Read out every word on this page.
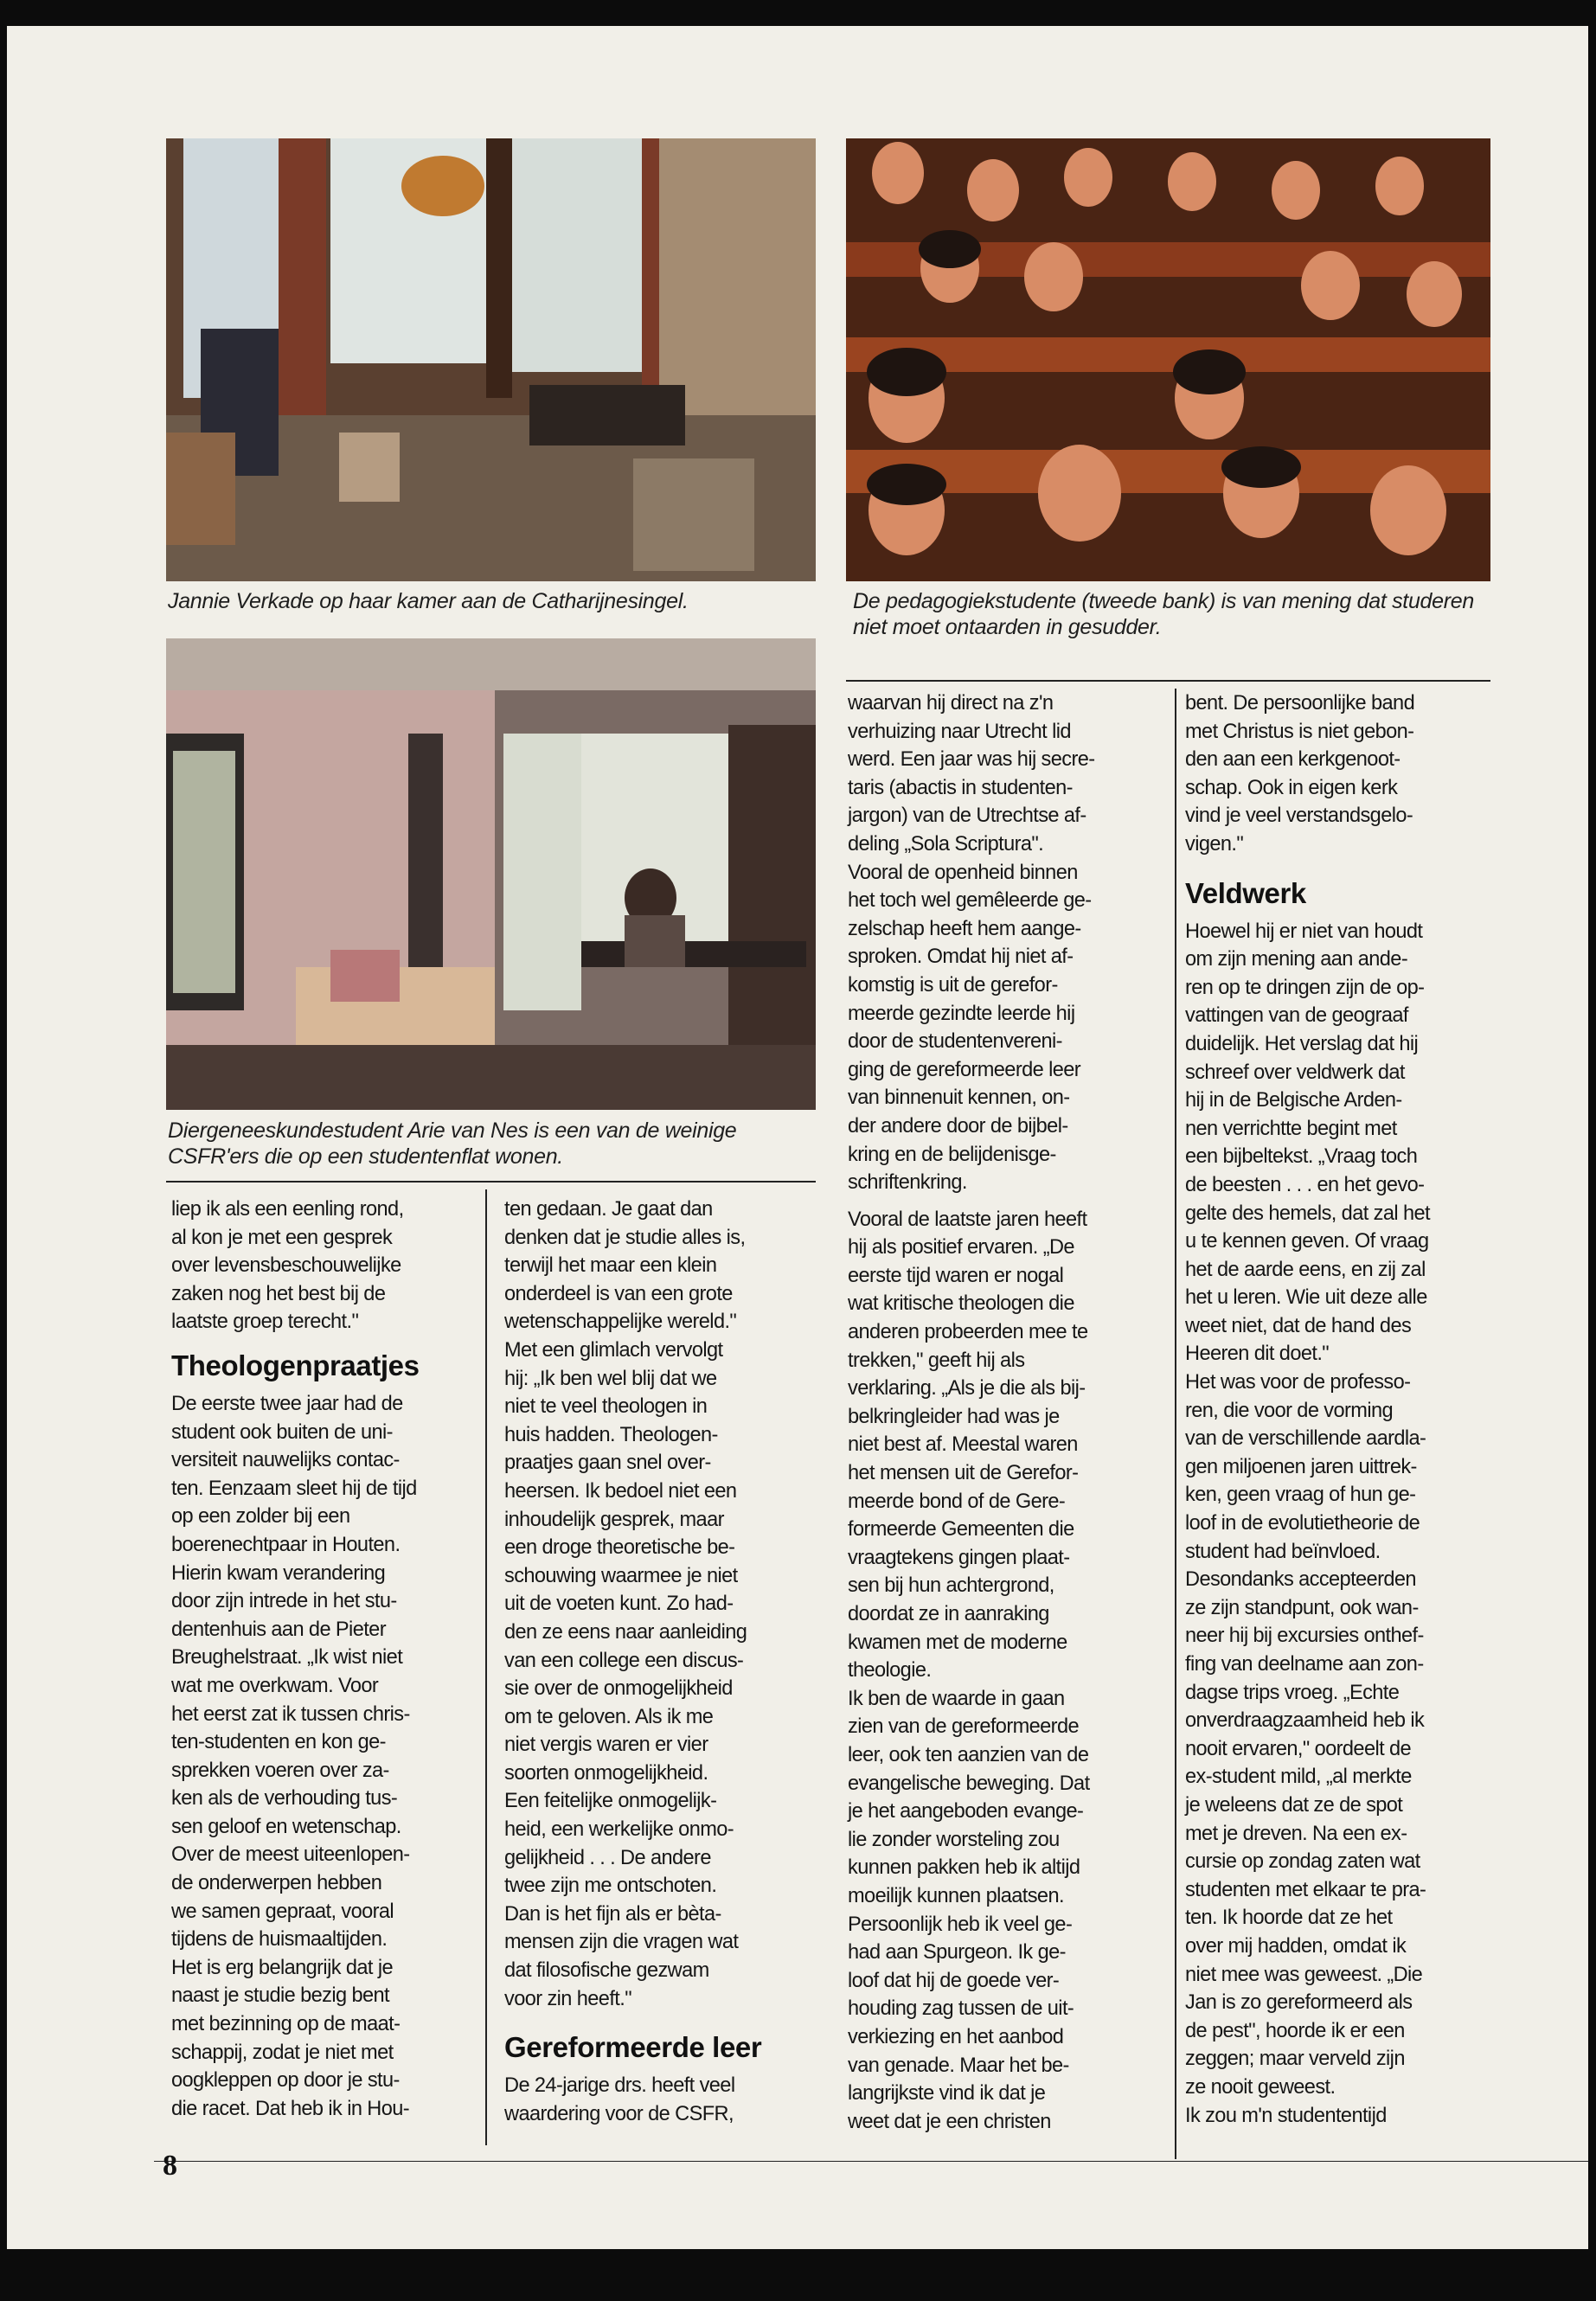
Jannie Verkade op haar kamer aan de Catharijnesingel.	De pedagogiekstudente (tweede bank) is van mening dat studeren niet moet ontaarden in gesudder.
Diergeneeskundestudent Arie van Nes is een van de weinige CSFR'ers die op een studentenflat wonen.

liep ik als een eenling rond,
al kon je met een gesprek
over levensbeschouwelijke
zaken nog het best bij de
laatste groep terecht."

Theologenpraatjes

De eerste twee jaar had de
student ook buiten de uni-
versiteit nauwelijks contac-
ten. Eenzaam sleet hij de tijd
op een zolder bij een
boerenechtpaar in Houten.
Hierin kwam verandering
door zijn intrede in het stu-
dentenhuis aan de Pieter
Breughelstraat. „Ik wist niet
wat me overkwam. Voor
het eerst zat ik tussen chris-
ten-studenten en kon ge-
sprekken voeren over za-
ken als de verhouding tus-
sen geloof en wetenschap.
Over de meest uiteenlopen-
de onderwerpen hebben
we samen gepraat, vooral
tijdens de huismaaltijden.
Het is erg belangrijk dat je
naast je studie bezig bent
met bezinning op de maat-
schappij, zodat je niet met
oogkleppen op door je stu-
die racet. Dat heb ik in Hou-

ten gedaan. Je gaat dan
denken dat je studie alles is,
terwijl het maar een klein
onderdeel is van een grote
wetenschappelijke wereld."
Met een glimlach vervolgt
hij: „Ik ben wel blij dat we
niet te veel theologen in
huis hadden. Theologen-
praatjes gaan snel over-
heersen. Ik bedoel niet een
inhoudelijk gesprek, maar
een droge theoretische be-
schouwing waarmee je niet
uit de voeten kunt. Zo had-
den ze eens naar aanleiding
van een college een discus-
sie over de onmogelijkheid
om te geloven. Als ik me
niet vergis waren er vier
soorten onmogelijkheid.
Een feitelijke onmogelijk-
heid, een werkelijke onmo-
gelijkheid . . . De andere
twee zijn me ontschoten.
Dan is het fijn als er bèta-
mensen zijn die vragen wat
dat filosofische gezwam
voor zin heeft."

Gereformeerde leer

De 24-jarige drs. heeft veel
waardering voor de CSFR,

waarvan hij direct na z'n
verhuizing naar Utrecht lid
werd. Een jaar was hij secre-
taris (abactis in studenten-
jargon) van de Utrechtse af-
deling „Sola Scriptura".
Vooral de openheid binnen
het toch wel gemêleerde ge-
zelschap heeft hem aange-
sproken. Omdat hij niet af-
komstig is uit de gerefor-
meerde gezindte leerde hij
door de studentenvereni-
ging de gereformeerde leer
van binnenuit kennen, on-
der andere door de bijbel-
kring en de belijdenisge-
schriftenkring.

Vooral de laatste jaren heeft
hij als positief ervaren. „De
eerste tijd waren er nogal
wat kritische theologen die
anderen probeerden mee te
trekken," geeft hij als
verklaring. „Als je die als bij-
belkringleider had was je
niet best af. Meestal waren
het mensen uit de Gerefor-
meerde bond of de Gere-
formeerde Gemeenten die
vraagtekens gingen plaat-
sen bij hun achtergrond,
doordat ze in aanraking
kwamen met de moderne
theologie.
Ik ben de waarde in gaan
zien van de gereformeerde
leer, ook ten aanzien van de
evangelische beweging. Dat
je het aangeboden evange-
lie zonder worsteling zou
kunnen pakken heb ik altijd
moeilijk kunnen plaatsen.
Persoonlijk heb ik veel ge-
had aan Spurgeon. Ik ge-
loof dat hij de goede ver-
houding zag tussen de uit-
verkiezing en het aanbod
van genade. Maar het be-
langrijkste vind ik dat je
weet dat je een christen

bent. De persoonlijke band
met Christus is niet gebon-
den aan een kerkgenoot-
schap. Ook in eigen kerk
vind je veel verstandsgelo-
vigen."

Veldwerk

Hoewel hij er niet van houdt
om zijn mening aan ande-
ren op te dringen zijn de op-
vattingen van de geograaf
duidelijk. Het verslag dat hij
schreef over veldwerk dat
hij in de Belgische Arden-
nen verrichtte begint met
een bijbeltekst. „Vraag toch
de beesten . . . en het gevo-
gelte des hemels, dat zal het
u te kennen geven. Of vraag
het de aarde eens, en zij zal
het u leren. Wie uit deze alle
weet niet, dat de hand des
Heeren dit doet."
Het was voor de professo-
ren, die voor de vorming
van de verschillende aardla-
gen miljoenen jaren uittrek-
ken, geen vraag of hun ge-
loof in de evolutietheorie de
student had beïnvloed.
Desondanks accepteerden
ze zijn standpunt, ook wan-
neer hij bij excursies onthef-
fing van deelname aan zon-
dagse trips vroeg. „Echte
onverdraagzaamheid heb ik
nooit ervaren," oordeelt de
ex-student mild, „al merkte
je weleens dat ze de spot
met je dreven. Na een ex-
cursie op zondag zaten wat
studenten met elkaar te pra-
ten. Ik hoorde dat ze het
over mij hadden, omdat ik
niet mee was geweest. „Die
Jan is zo gereformeerd als
de pest", hoorde ik er een
zeggen; maar verveld zijn
ze nooit geweest.
Ik zou m'n studententijd

8
